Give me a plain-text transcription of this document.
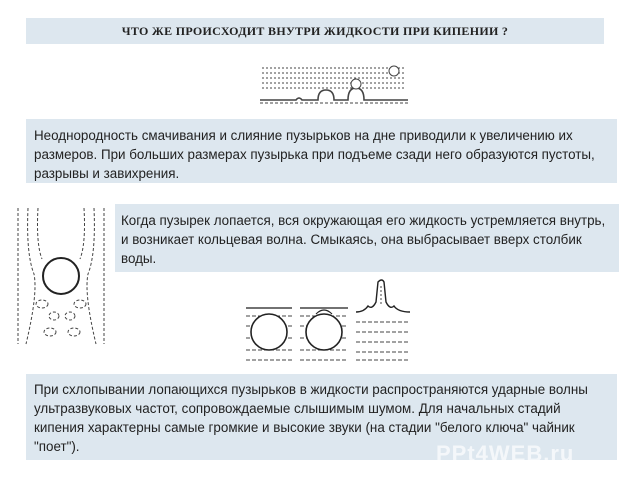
ЧТО ЖЕ ПРОИСХОДИТ ВНУТРИ ЖИДКОСТИ ПРИ КИПЕНИИ ?
Неоднородность смачивания и слияние пузырьков на дне приводили к увеличению их размеров. При больших размерах пузырька при подъеме сзади него образуются пустоты, разрывы и завихрения.
Когда пузырек лопается, вся окружающая его жидкость устремляется внутрь, и возникает кольцевая волна. Смыкаясь, она выбрасывает вверх столбик воды.
При схлопывании лопающихся пузырьков в жидкости распространяются ударные волны ультразвуковых частот, сопровождаемые слышимым шумом. Для начальных стадий кипения характерны самые громкие и высокие звуки (на стадии "белого ключа" чайник "поет").	PPt4WEB.ru
